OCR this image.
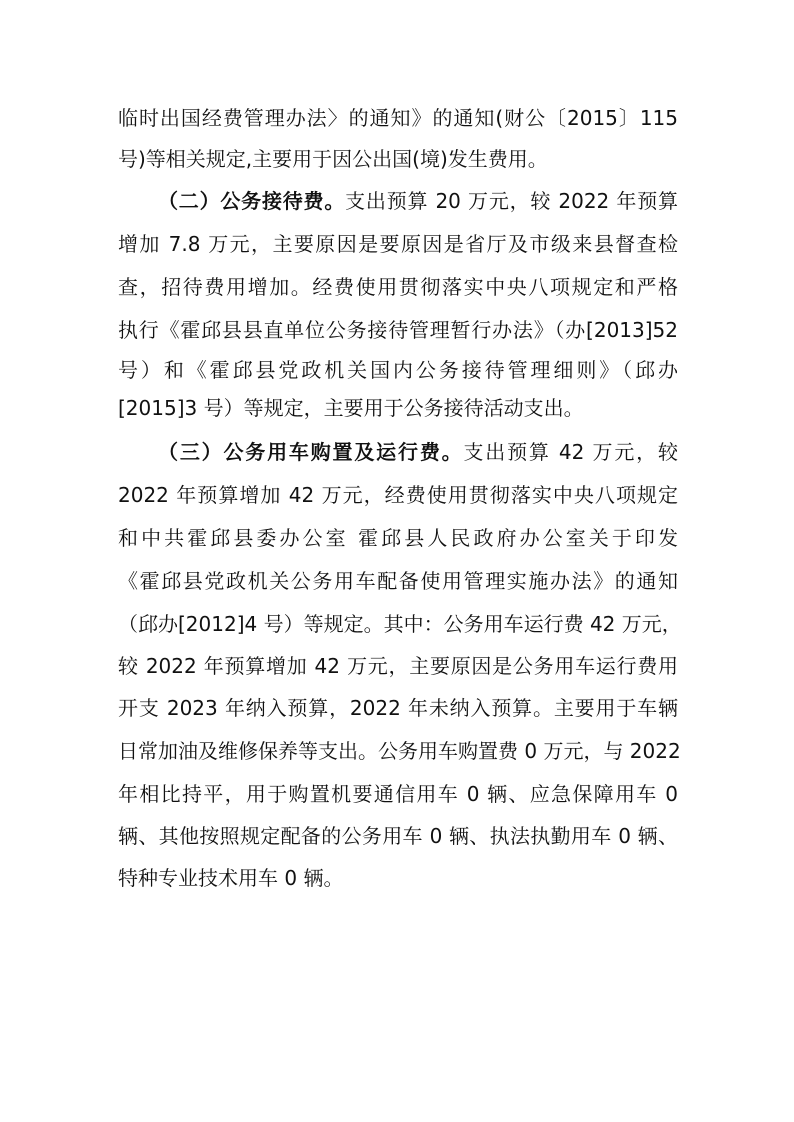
临时出国经费管理办法〉的通知》的通知(财公〔2015〕115
号)等相关规定,主要用于因公出国(境)发生费用。
（二）公务接待费。支出预算 20 万元，较 2022 年预算
增加 7.8 万元，主要原因是要原因是省厅及市级来县督查检
查，招待费用增加。经费使用贯彻落实中央八项规定和严格
执行《霍邱县县直单位公务接待管理暂行办法》（办[2013]52
号）和《霍邱县党政机关国内公务接待管理细则》（邱办
[2015]3 号）等规定，主要用于公务接待活动支出。
（三）公务用车购置及运行费。支出预算 42 万元，较
2022 年预算增加 42 万元，经费使用贯彻落实中央八项规定
和中共霍邱县委办公室 霍邱县人民政府办公室关于印发
《霍邱县党政机关公务用车配备使用管理实施办法》的通知
（邱办[2012]4 号）等规定。其中：公务用车运行费 42 万元，
较 2022 年预算增加 42 万元，主要原因是公务用车运行费用
开支 2023 年纳入预算，2022 年未纳入预算。主要用于车辆
日常加油及维修保养等支出。公务用车购置费 0 万元，与 2022
年相比持平，用于购置机要通信用车 0 辆、应急保障用车 0
辆、其他按照规定配备的公务用车 0 辆、执法执勤用车 0 辆、
特种专业技术用车 0 辆。
